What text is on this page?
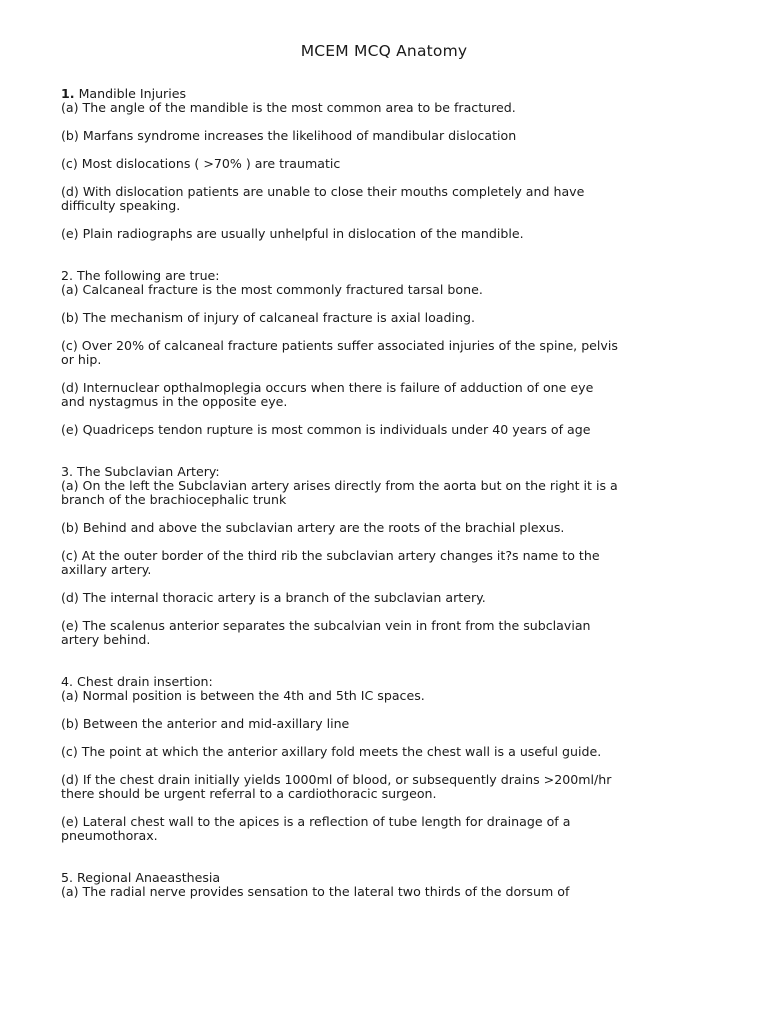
MCEM MCQ Anatomy
1. Mandible Injuries
(a) The angle of the mandible is the most common area to be fractured.
(b) Marfans syndrome increases the likelihood of mandibular dislocation
(c) Most dislocations ( >70% ) are traumatic
(d) With dislocation patients are unable to close their mouths completely and have difficulty speaking.
(e) Plain radiographs are usually unhelpful in dislocation of the mandible.
2. The following are true:
(a) Calcaneal fracture is the most commonly fractured tarsal bone.
(b) The mechanism of injury of calcaneal fracture is axial loading.
(c) Over 20% of calcaneal fracture patients suffer associated injuries of the spine, pelvis or hip.
(d) Internuclear opthalmoplegia occurs when there is failure of adduction of one eye and nystagmus in the opposite eye.
(e) Quadriceps tendon rupture is most common is individuals under 40 years of age
3. The Subclavian Artery:
(a) On the left the Subclavian artery arises directly from the aorta but on the right it is a branch of the brachiocephalic trunk
(b) Behind and above the subclavian artery are the roots of the brachial plexus.
(c) At the outer border of the third rib the subclavian artery changes it?s name to the axillary artery.
(d) The internal thoracic artery is a branch of the subclavian artery.
(e) The scalenus anterior separates the subcalvian vein in front from the subclavian artery behind.
4. Chest drain insertion:
(a) Normal position is between the 4th and 5th IC spaces.
(b) Between the anterior and mid-axillary line
(c) The point at which the anterior axillary fold meets the chest wall is a useful guide.
(d) If the chest drain initially yields 1000ml of blood, or subsequently drains >200ml/hr there should be urgent referral to a cardiothoracic surgeon.
(e) Lateral chest wall to the apices is a reflection of tube length for drainage of a pneumothorax.
5. Regional Anaeasthesia
(a) The radial nerve provides sensation to the lateral two thirds of the dorsum of
